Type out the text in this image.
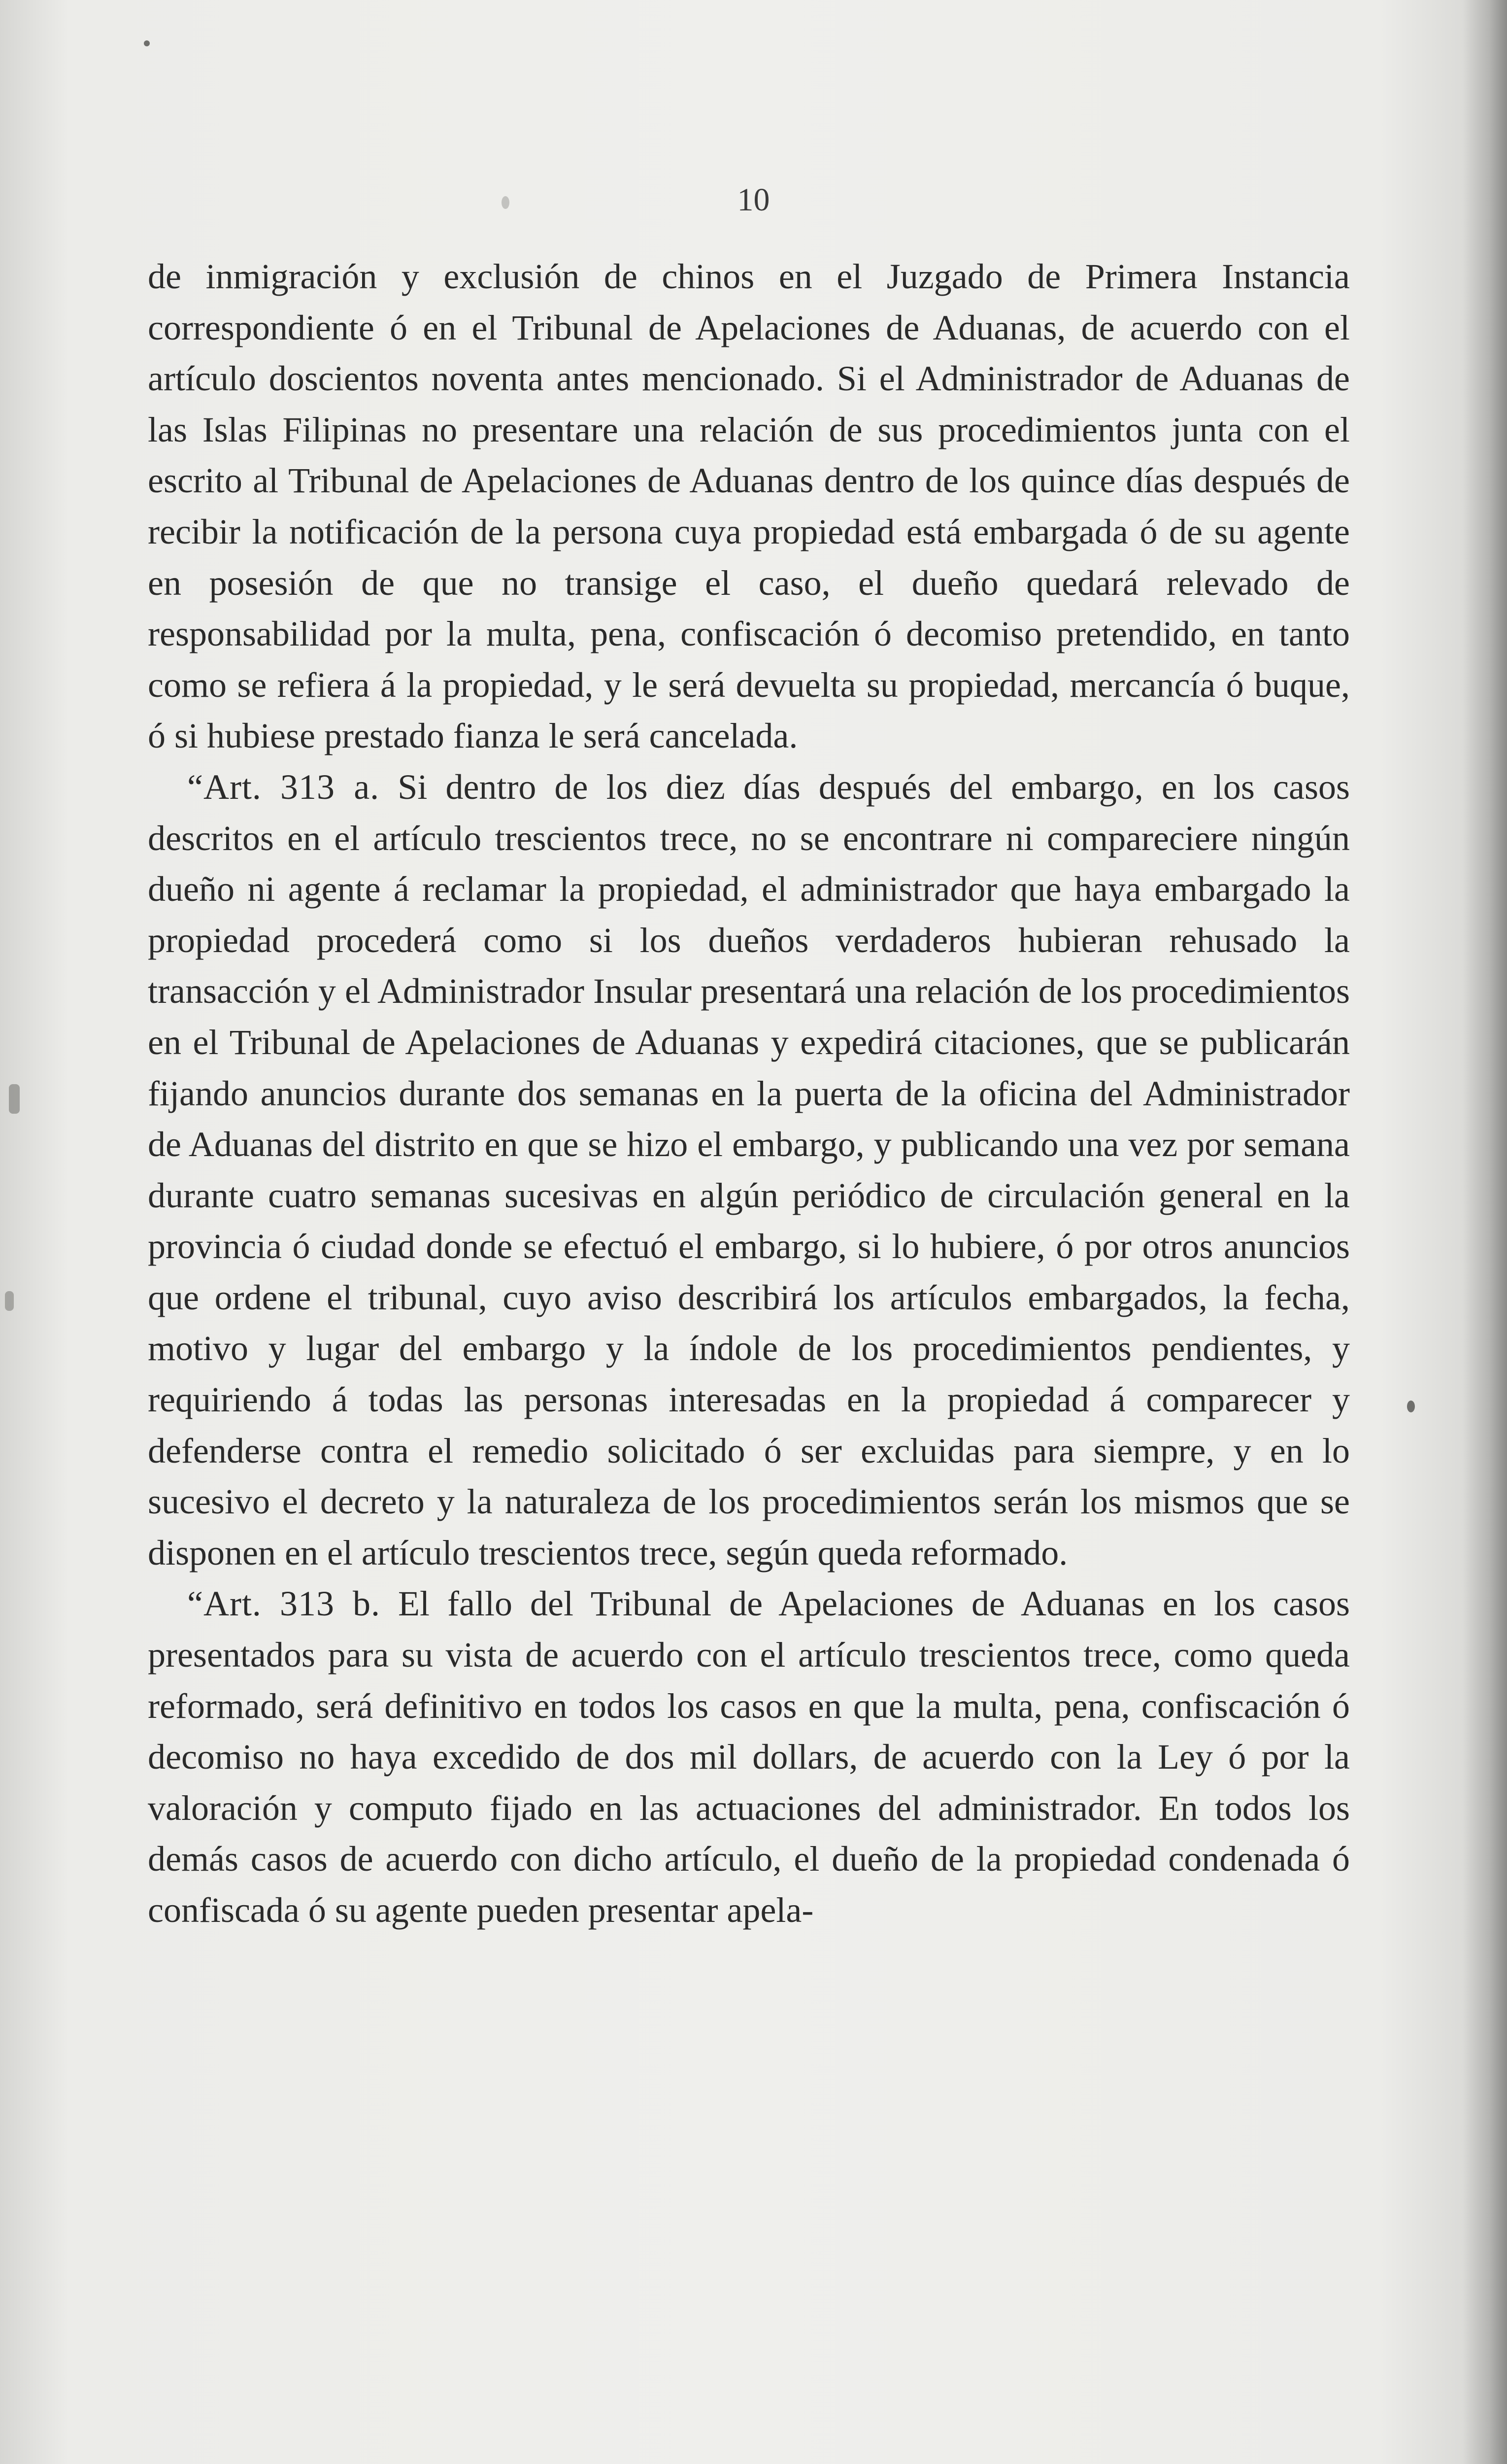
10

de inmigración y exclusión de chinos en el Juzgado de Primera Instancia correspondiente ó en el Tribunal de Apelaciones de Aduanas, de acuerdo con el artículo doscientos noventa antes mencionado. Si el Administrador de Aduanas de las Islas Filipinas no presentare una relación de sus procedimientos junta con el escrito al Tribunal de Apelaciones de Aduanas dentro de los quince días después de recibir la notificación de la persona cuya propiedad está embargada ó de su agente en posesión de que no transige el caso, el dueño quedará relevado de responsabilidad por la multa, pena, confiscación ó decomiso pretendido, en tanto como se refiera á la propiedad, y le será devuelta su propiedad, mercancía ó buque, ó si hubiese prestado fianza le será cancelada.

“Art. 313 a. Si dentro de los diez días después del embargo, en los casos descritos en el artículo trescientos trece, no se encontrare ni compareciere ningún dueño ni agente á reclamar la propiedad, el administrador que haya embargado la propiedad procederá como si los dueños verdaderos hubieran rehusado la transacción y el Administrador Insular presentará una relación de los procedimientos en el Tribunal de Apelaciones de Aduanas y expedirá citaciones, que se publicarán fijando anuncios durante dos semanas en la puerta de la oficina del Administrador de Aduanas del distrito en que se hizo el embargo, y publicando una vez por semana durante cuatro semanas sucesivas en algún periódico de circulación general en la provincia ó ciudad donde se efectuó el embargo, si lo hubiere, ó por otros anuncios que ordene el tribunal, cuyo aviso describirá los artículos embargados, la fecha, motivo y lugar del embargo y la índole de los procedimientos pendientes, y requiriendo á todas las personas interesadas en la propiedad á comparecer y defenderse contra el remedio solicitado ó ser excluidas para siempre, y en lo sucesivo el decreto y la naturaleza de los procedimientos serán los mismos que se disponen en el artículo trescientos trece, según queda reformado.

“Art. 313 b. El fallo del Tribunal de Apelaciones de Aduanas en los casos presentados para su vista de acuerdo con el artículo trescientos trece, como queda reformado, será definitivo en todos los casos en que la multa, pena, confiscación ó decomiso no haya excedido de dos mil dollars, de acuerdo con la Ley ó por la valoración y computo fijado en las actuaciones del administrador. En todos los demás casos de acuerdo con dicho artículo, el dueño de la propiedad condenada ó confiscada ó su agente pueden presentar apela-
